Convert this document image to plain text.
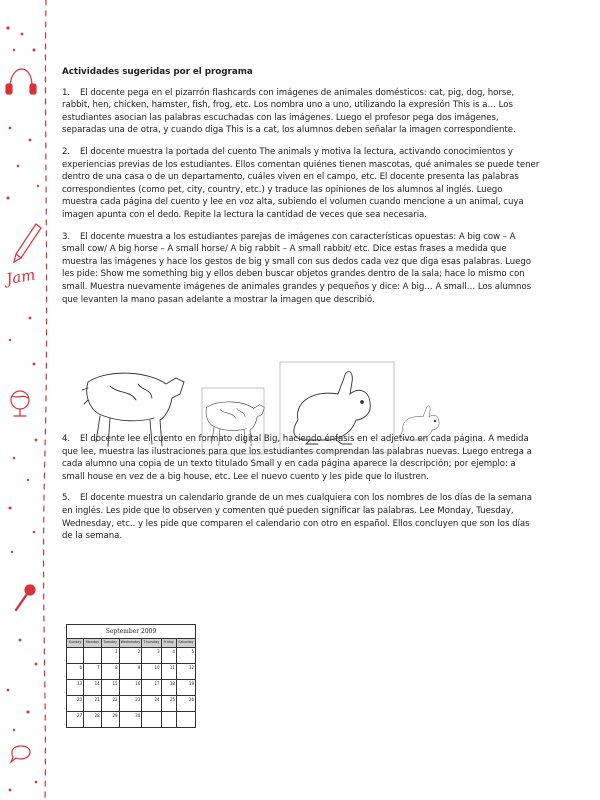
Jam
Actividades sugeridas por el programa

1. El docente pega en el pizarrón flashcards con imágenes de animales domésticos: cat, pig, dog, horse, rabbit, hen, chicken, hamster, fish, frog, etc. Los nombra uno a uno, utilizando la expresión This is a… Los estudiantes asocian las palabras escuchadas con las imágenes. Luego el profesor pega dos imágenes, separadas una de otra, y cuando diga This is a cat, los alumnos deben señalar la imagen correspondiente.

2. El docente muestra la portada del cuento The animals y motiva la lectura, activando conocimientos y experiencias previas de los estudiantes. Ellos comentan quiénes tienen mascotas, qué animales se puede tener dentro de una casa o de un departamento, cuáles viven en el campo, etc. El docente presenta las palabras correspondientes (como pet, city, country, etc.) y traduce las opiniones de los alumnos al inglés. Luego muestra cada página del cuento y lee en voz alta, subiendo el volumen cuando mencione a un animal, cuya imagen apunta con el dedo. Repite la lectura la cantidad de veces que sea necesaria.

3. El docente muestra a los estudiantes parejas de imágenes con características opuestas: A big cow – A small cow/ A big horse – A small horse/ A big rabbit – A small rabbit/ etc. Dice estas frases a medida que muestra las imágenes y hace los gestos de big y small con sus dedos cada vez que diga esas palabras. Luego les pide: Show me something big y ellos deben buscar objetos grandes dentro de la sala; hace lo mismo con small. Muestra nuevamente imágenes de animales grandes y pequeños y dice: A big… A small… Los alumnos que levanten la mano pasan adelante a mostrar la imagen que describió.

4. El docente lee el cuento en formato digital Big, haciendo énfasis en el adjetivo en cada página. A medida que lee, muestra las ilustraciones para que los estudiantes comprendan las palabras nuevas. Luego entrega a cada alumno una copia de un texto titulado Small y en cada página aparece la descripción; por ejemplo: a small house en vez de a big house, etc. Lee el nuevo cuento y les pide que lo ilustren.

5. El docente muestra un calendario grande de un mes cualquiera con los nombres de los días de la semana en inglés. Les pide que lo observen y comenten qué pueden significar las palabras. Lee Monday, Tuesday, Wednesday, etc.. y les pide que comparen el calendario con otro en español. Ellos concluyen que son los días de la semana.

September 2009						
Sunday	Monday	Tuesday	Wednesday	Thursday	Friday	Saturday
		1	2	3	4	5
6	7	8	9	10	11	12
13	14	15	16	17	18	19
20	21	22	23	24	25	26
27	28	29	30			
